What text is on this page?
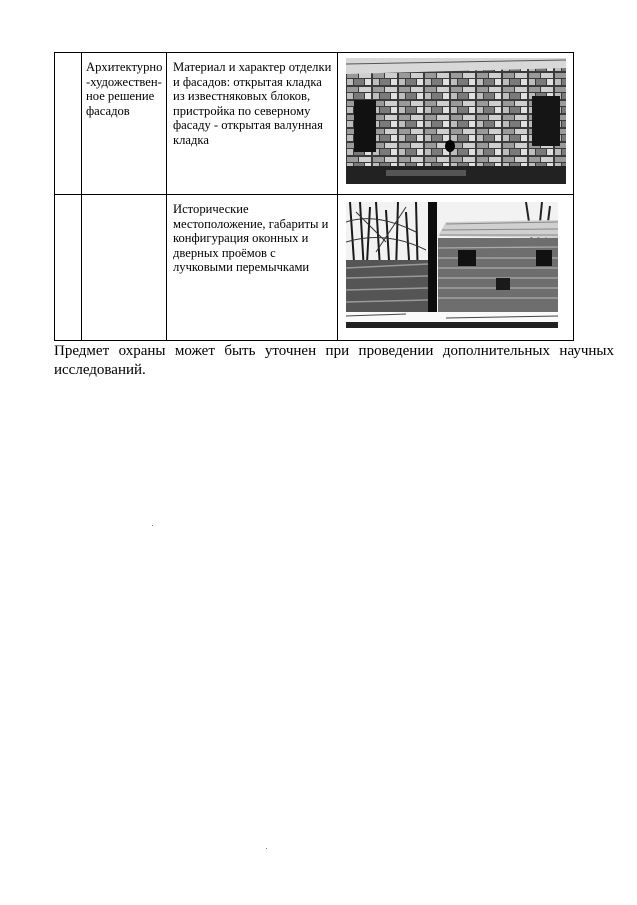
	Архитектурно -художествен-ное решение фасадов	Материал и характер отделки и фасадов: открытая кладка из известняковых блоков, пристройка по северному фасаду - открытая валунная кладка

		Исторические местоположение, габариты и конфигурация оконных и дверных проёмов с лучковыми перемычками

Предмет охраны может быть уточнен при проведении дополнительных научных исследований.
